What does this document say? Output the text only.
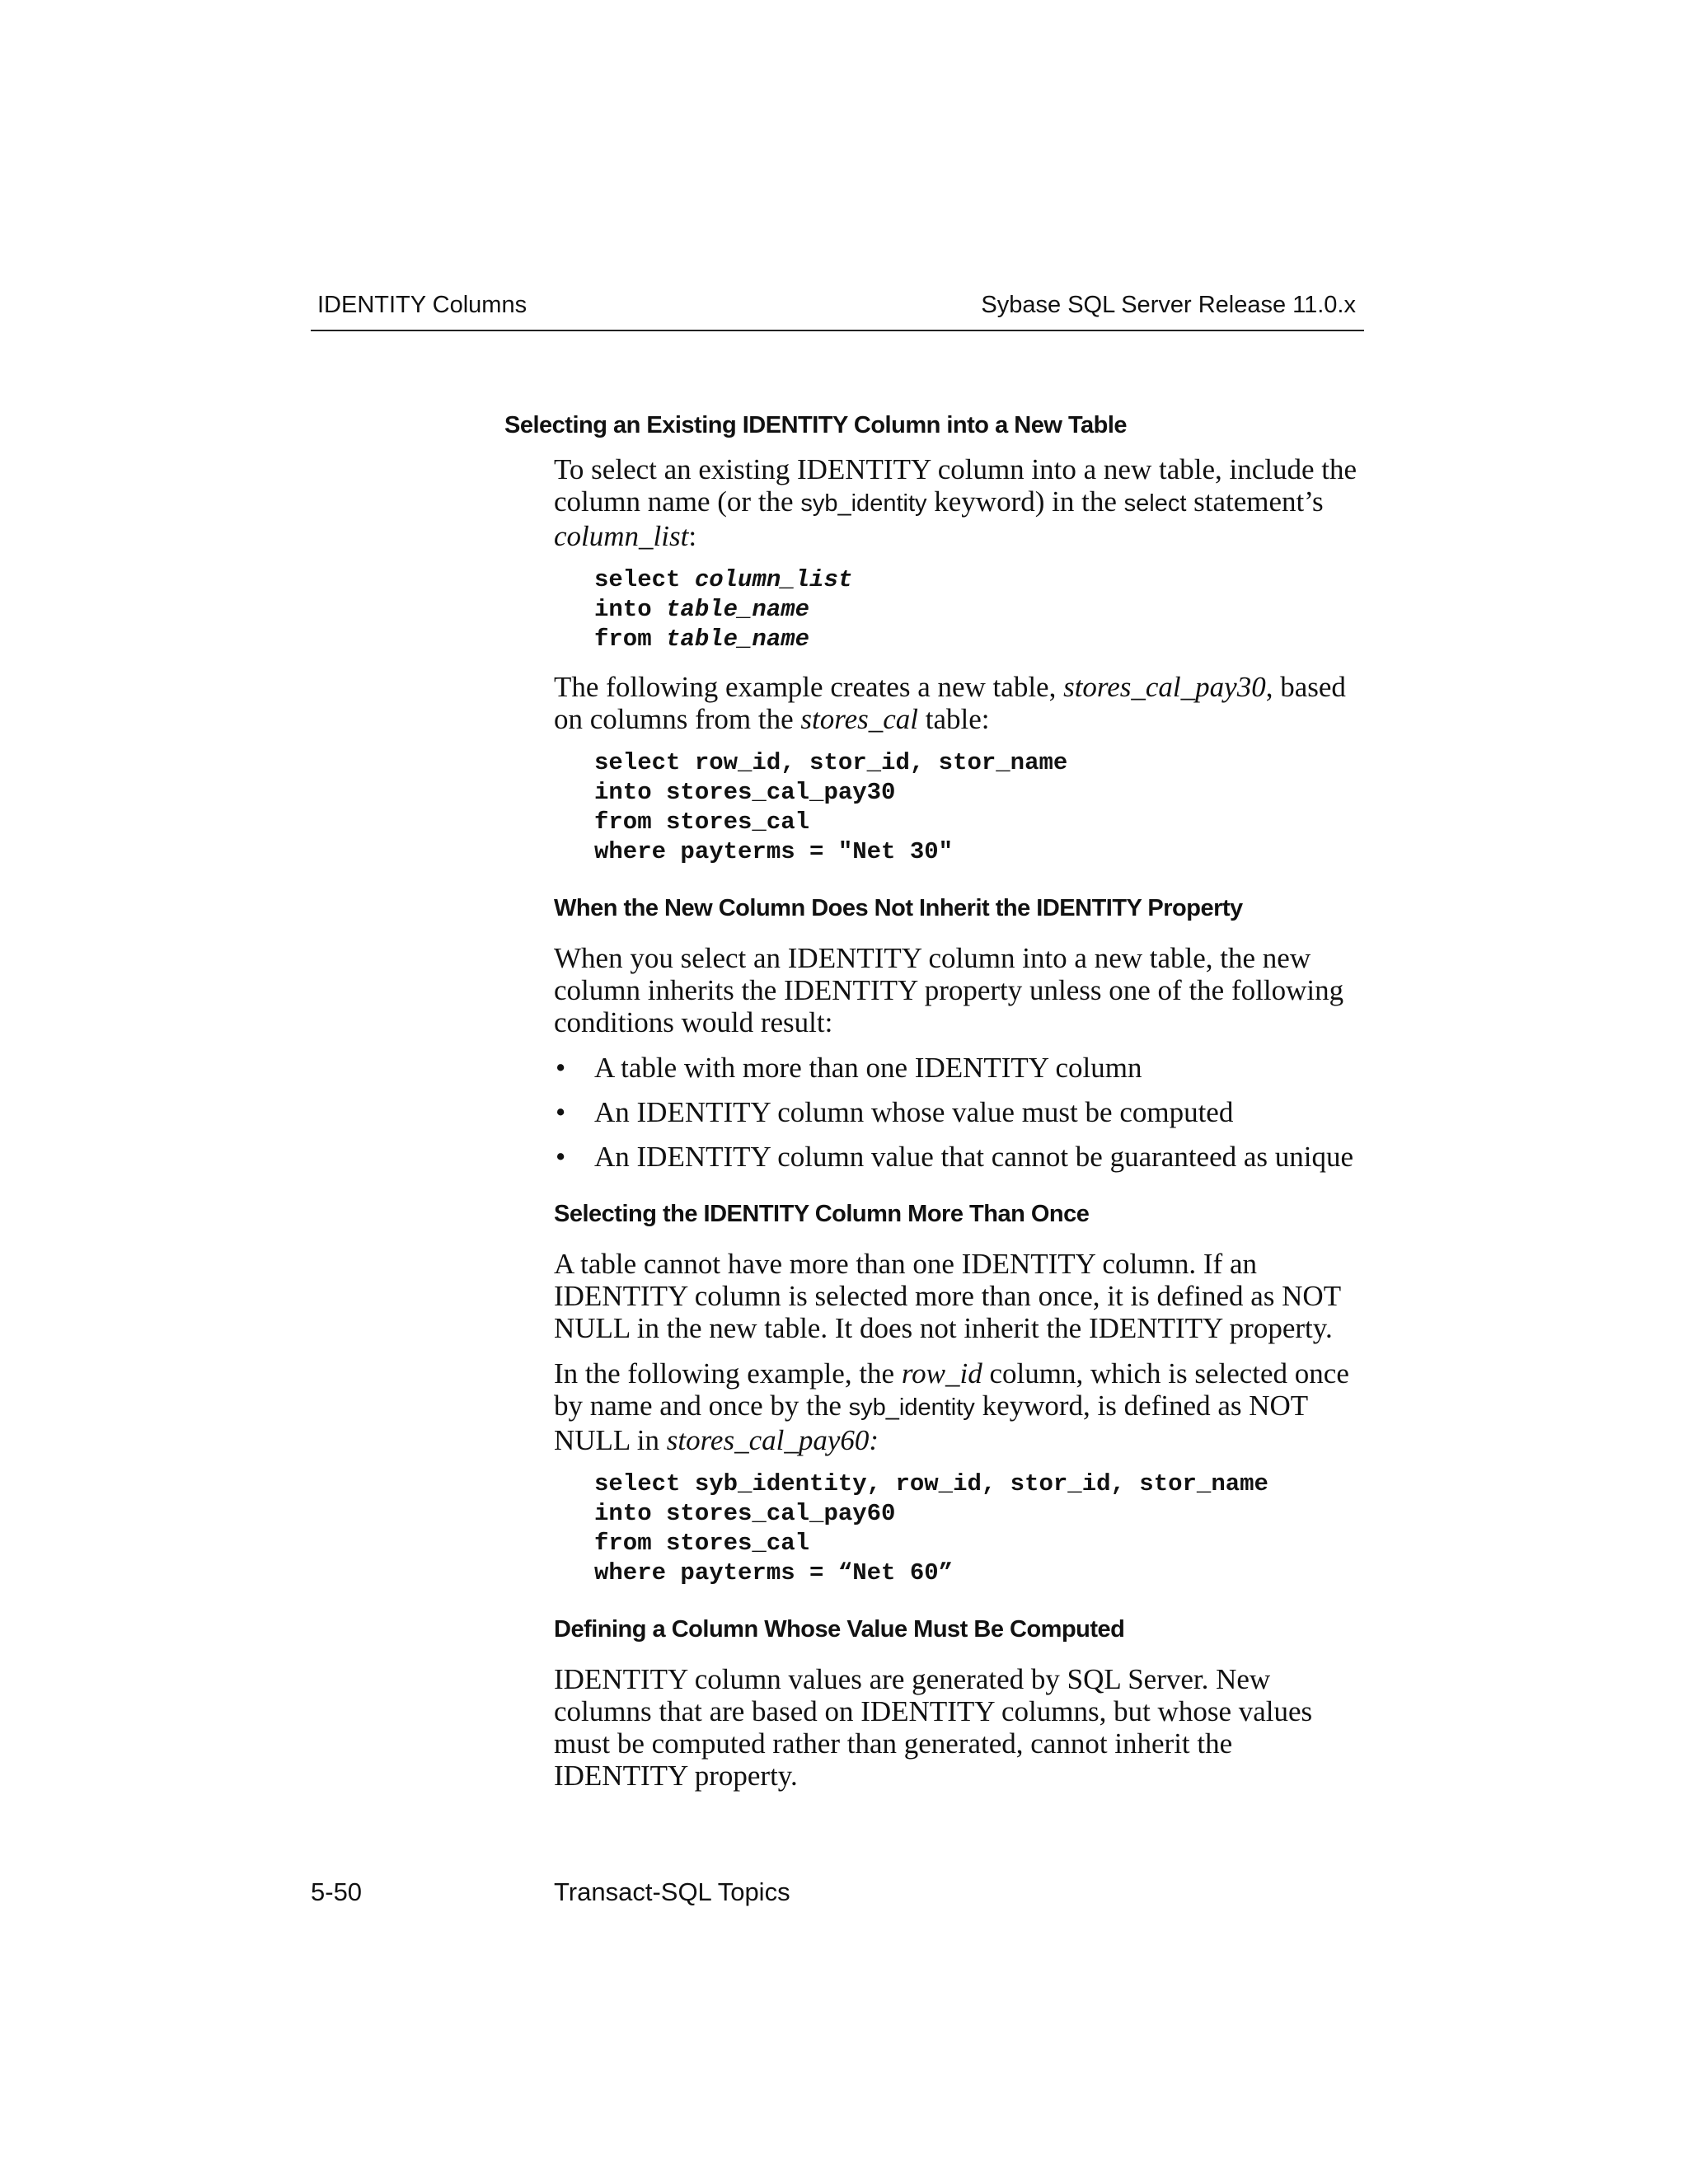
IDENTITY Columns	Sybase SQL Server Release 11.0.x
Selecting an Existing IDENTITY Column into a New Table

To select an existing IDENTITY column into a new table, include the column name (or the syb_identity keyword) in the select statement’s column_list:

select column_list
into table_name
from table_name

The following example creates a new table, stores_cal_pay30, based on columns from the stores_cal table:

select row_id, stor_id, stor_name
into stores_cal_pay30
from stores_cal
where payterms = "Net 30"
When the New Column Does Not Inherit the IDENTITY Property

When you select an IDENTITY column into a new table, the new column inherits the IDENTITY property unless one of the following conditions would result:

• A table with more than one IDENTITY column
• An IDENTITY column whose value must be computed
• An IDENTITY column value that cannot be guaranteed as unique
Selecting the IDENTITY Column More Than Once

A table cannot have more than one IDENTITY column. If an IDENTITY column is selected more than once, it is defined as NOT NULL in the new table. It does not inherit the IDENTITY property.

In the following example, the row_id column, which is selected once by name and once by the syb_identity keyword, is defined as NOT NULL in stores_cal_pay60:

select syb_identity, row_id, stor_id, stor_name
into stores_cal_pay60
from stores_cal
where payterms = “Net 60”
Defining a Column Whose Value Must Be Computed

IDENTITY column values are generated by SQL Server. New columns that are based on IDENTITY columns, but whose values must be computed rather than generated, cannot inherit the IDENTITY property.

5-50	Transact-SQL Topics
